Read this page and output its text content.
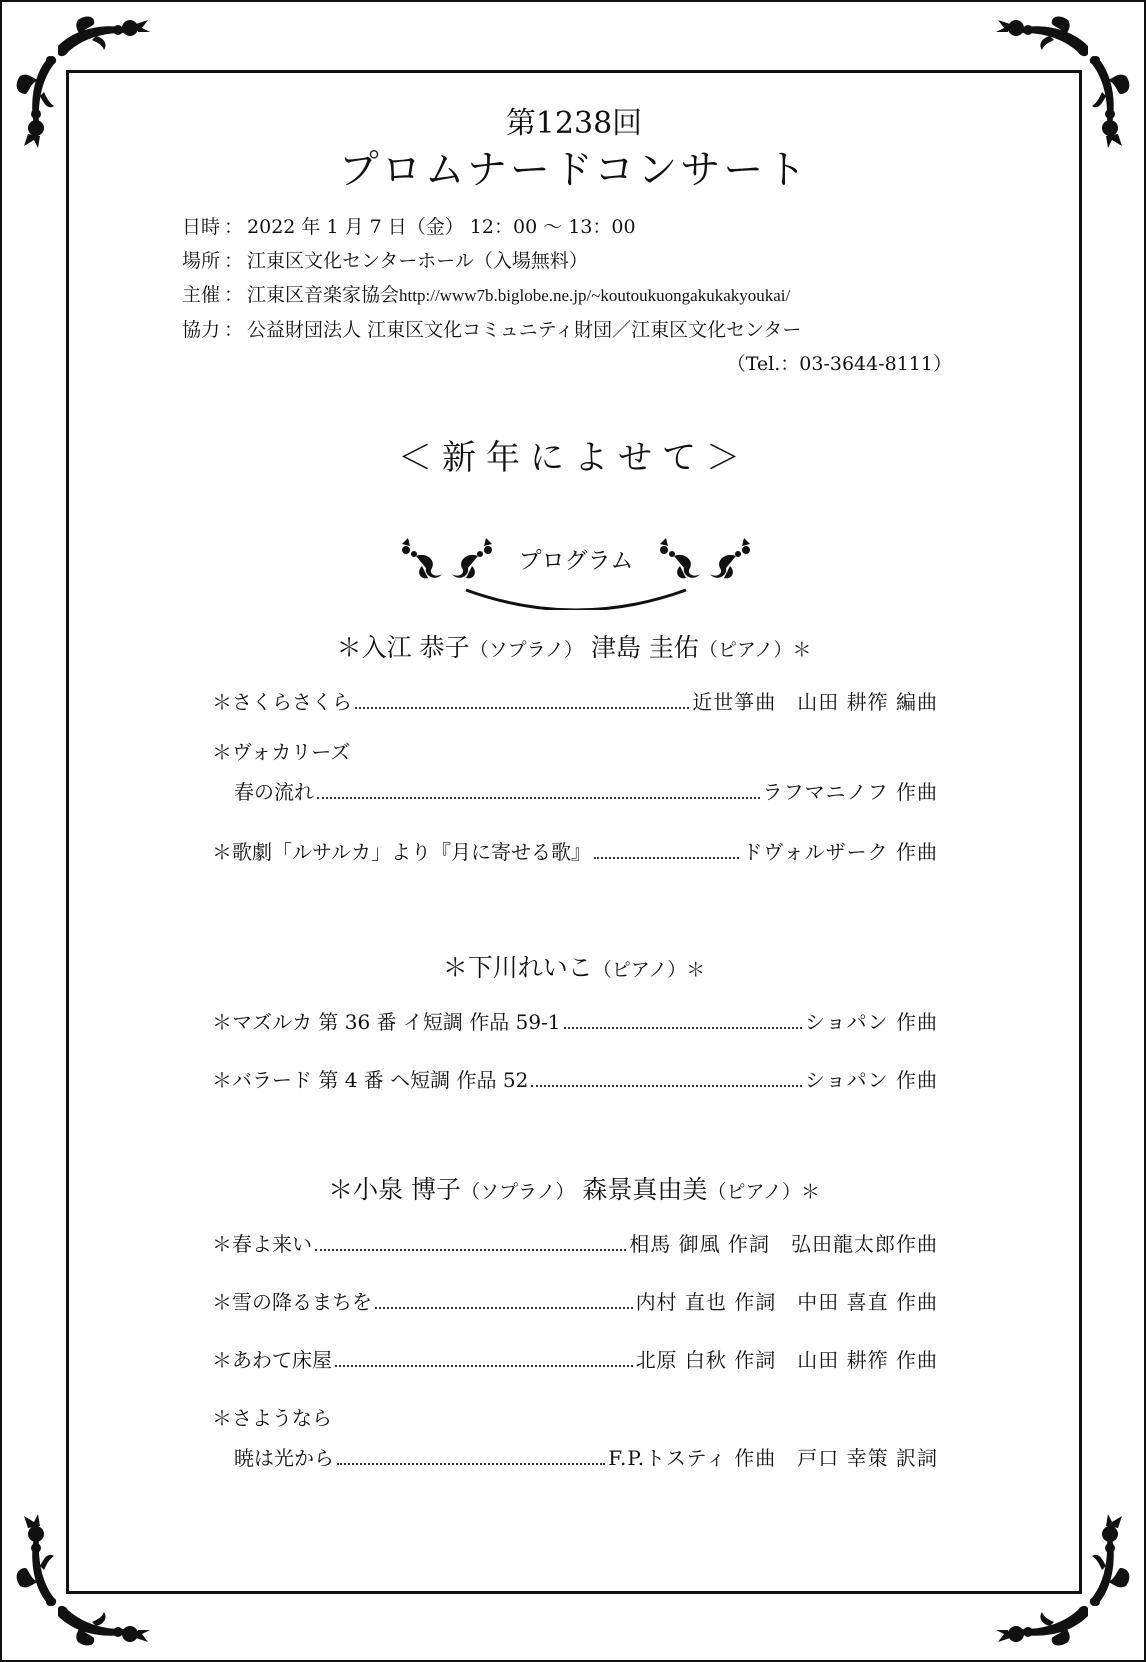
第1238回
プロムナードコンサート
日時 ： 2022 年 1 月 7 日（金） 12：00 ～ 13：00
場所 ： 江東区文化センターホール（入場無料）
主催 ： 江東区音楽家協会http://www7b.biglobe.ne.jp/~koutoukuongakukakyoukai/
協力 ： 公益財団法人 江東区文化コミュニティ財団／江東区文化センター
（Tel.：03-3644-8111）
＜新年によせて＞
プログラム
＊入江 恭子（ソプラノ） 津島 圭佑（ピアノ）＊
＊さくらさくら	近世箏曲　山田 耕筰 編曲
＊ヴォカリーズ
春の流れ	ラフマニノフ 作曲
＊歌劇「ルサルカ」より『月に寄せる歌』	ドヴォルザーク 作曲
＊下川れいこ（ピアノ）＊
＊マズルカ 第 36 番 イ短調 作品 59-1	ショパン 作曲
＊バラード 第 4 番 ヘ短調 作品 52	ショパン 作曲
＊小泉 博子（ソプラノ） 森景真由美（ピアノ）＊
＊春よ来い	相馬 御風 作詞　弘田龍太郎作曲
＊雪の降るまちを	内村 直也 作詞　中田 喜直 作曲
＊あわて床屋	北原 白秋 作詞　山田 耕筰 作曲
＊さようなら
暁は光から	F.P.トスティ 作曲　戸口 幸策 訳詞
